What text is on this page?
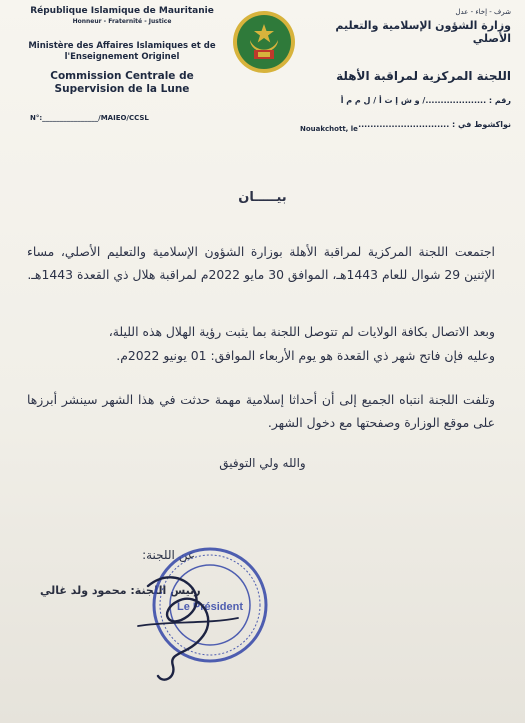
République Islamique de Mauritanie
Honneur - Fraternité - Justice
Ministère des Affaires Islamiques et de l'Enseignement Originel
Commission Centrale de Supervision de la Lune
N°:________________/MAIEO/CCSL
Nouakchott, le
شرف - إخاء - عدل
وزارة الشؤون الإسلامية والتعليم الأصلي
اللجنة المركزية لمراقبة الأهلة
رقم : ..................../ و ش إ ت أ / ل م م أ
نواكشوط في : ..............................
بيـــــان
اجتمعت اللجنة المركزية لمراقبة الأهلة بوزارة الشؤون الإسلامية والتعليم الأصلي، مساء الإثنين 29 شوال للعام 1443هـ، الموافق 30 مايو 2022م لمراقبة هلال ذي القعدة 1443هـ.
وبعد الاتصال بكافة الولايات لم تتوصل اللجنة بما يثبت رؤية الهلال هذه الليلة،
وعليه فإن فاتح شهر ذي القعدة هو يوم الأربعاء الموافق: 01 يونيو 2022م.
وتلفت اللجنة انتباه الجميع إلى أن أحداثا إسلامية مهمة حدثت في هذا الشهر سينشر أبرزها على موقع الوزارة وصفحتها مع دخول الشهر.
والله ولي التوفيق
عن اللجنة:
رئيس اللجنة: محمود ولد غالي
Le Président
